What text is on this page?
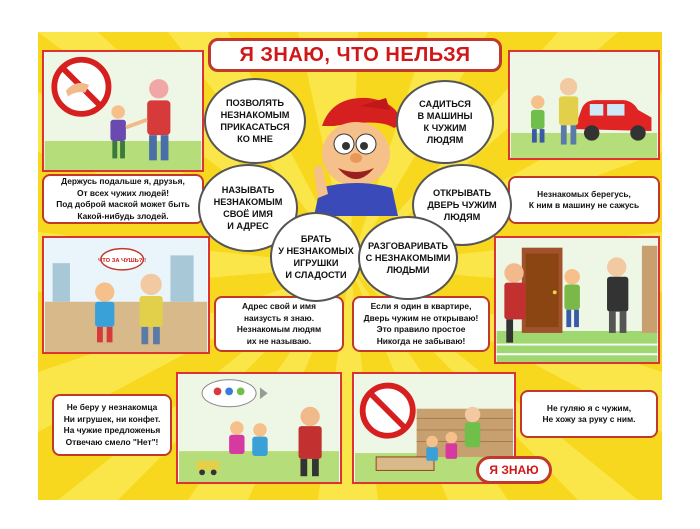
Я ЗНАЮ, ЧТО НЕЛЬЗЯ
Держусь подальше я, друзья,
От всех чужих людей!
Под доброй маской может быть
Какой-нибудь злодей.
Незнакомых берегусь,
К ним в машину не сажусь
ЧТО ЗА ЧУШЬ?!!
Адрес свой и имя
наизусть я знаю.
Незнакомым людям
их не называю.
Если я один в квартире,
Дверь чужим не открываю!
Это правило простое
Никогда не забываю!
Не беру у незнакомца
Ни игрушек, ни конфет.
На чужие предложенья
Отвечаю смело "Нет"!
Не гуляю я с чужим,
Не хожу за руку с ним.
ПОЗВОЛЯТЬ
НЕЗНАКОМЫМ
ПРИКАСАТЬСЯ
КО МНЕ
САДИТЬСЯ
В МАШИНЫ
К ЧУЖИМ
ЛЮДЯМ
НАЗЫВАТЬ
НЕЗНАКОМЫМ
СВОЁ ИМЯ
И АДРЕС
ОТКРЫВАТЬ
ДВЕРЬ ЧУЖИМ
ЛЮДЯМ
БРАТЬ
У НЕЗНАКОМЫХ
ИГРУШКИ
И СЛАДОСТИ
РАЗГОВАРИВАТЬ
С НЕЗНАКОМЫМИ
ЛЮДЬМИ
Я ЗНАЮ
